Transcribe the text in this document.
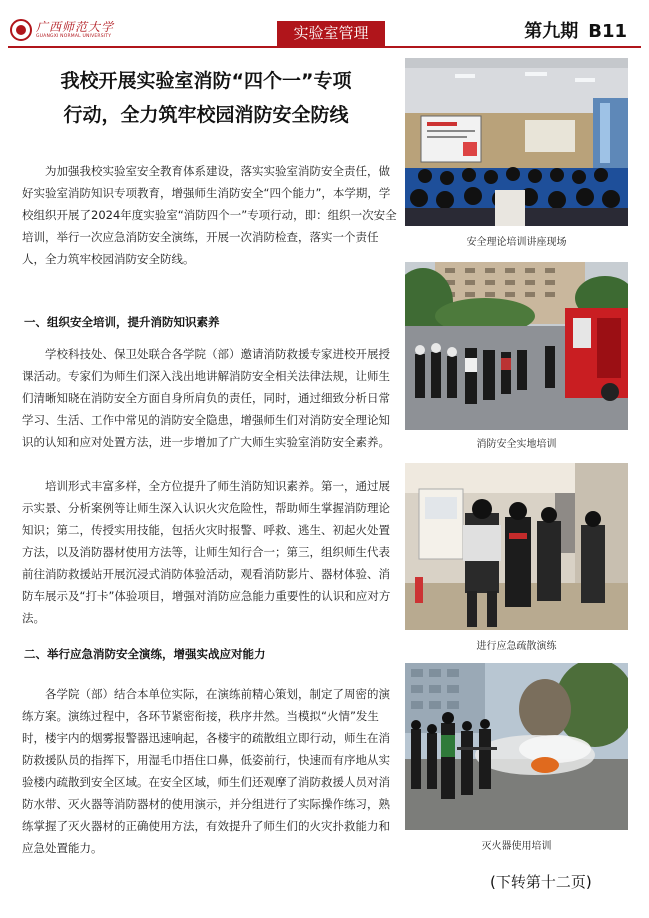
广西师范大学
GUANGXI NORMAL UNIVERSITY	实验室管理	第九期 B11
我校开展实验室消防“四个一”专项
行动，全力筑牢校园消防安全防线

为加强我校实验室安全教育体系建设，落实实验室消防安全责任，做好实验室消防知识专项教育，增强师生消防安全“四个能力”，本学期，学校组织开展了2024年度实验室“消防四个一”专项行动，即：组织一次安全培训，举行一次应急消防安全演练，开展一次消防检查，落实一个责任人，全力筑牢校园消防安全防线。

一、组织安全培训，提升消防知识素养

学校科技处、保卫处联合各学院（部）邀请消防救援专家进校开展授课活动。专家们为师生们深入浅出地讲解消防安全相关法律法规，让师生们清晰知晓在消防安全方面自身所肩负的责任，同时，通过细致分析日常学习、生活、工作中常见的消防安全隐患，增强师生们对消防安全理论知识的认知和应对处置方法，进一步增加了广大师生实验室消防安全素养。

培训形式丰富多样，全方位提升了师生消防知识素养。第一，通过展示实景、分析案例等让师生深入认识火灾危险性，帮助师生掌握消防理论知识；第二，传授实用技能，包括火灾时报警、呼救、逃生、初起火处置方法，以及消防器材使用方法等，让师生知行合一；第三，组织师生代表前往消防救援站开展沉浸式消防体验活动，观看消防影片、器材体验、消防车展示及“打卡”体验项目，增强对消防应急能力重要性的认识和应对方法。

二、举行应急消防安全演练，增强实战应对能力

各学院（部）结合本单位实际，在演练前精心策划，制定了周密的演练方案。演练过程中，各环节紧密衔接，秩序井然。当模拟“火情”发生时，楼宇内的烟雾报警器迅速响起，各楼宇的疏散组立即行动，师生在消防救援队员的指挥下，用湿毛巾捂住口鼻，低姿前行，快速而有序地从实验楼内疏散到安全区域。在安全区域，师生们还观摩了消防救援人员对消防水带、灭火器等消防器材的使用演示，并分组进行了实际操作练习，熟练掌握了灭火器材的正确使用方法，有效提升了师生们的火灾扑救能力和应急处置能力。

(下转第十二页)
安全理论培训讲座现场
消防安全实地培训
进行应急疏散演练
灭火器使用培训
